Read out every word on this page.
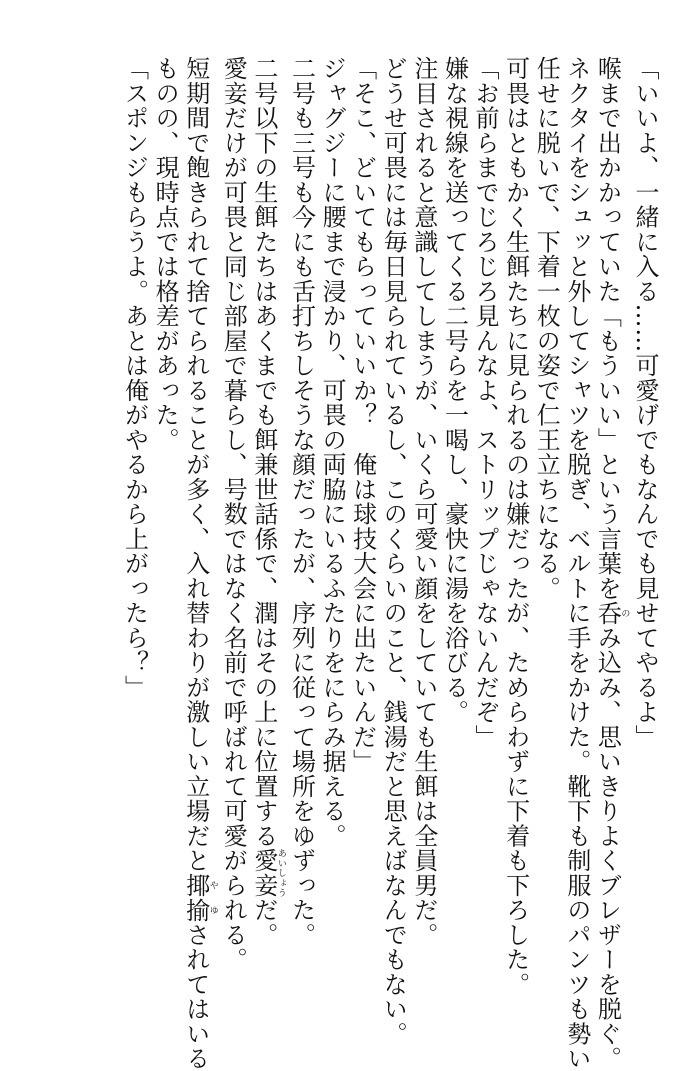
「いいよ、一緒に入る……可愛げでもなんでも見せてやるよ」
喉まで出かかっていた「もういい」という言葉を呑のみ込み、思いきりよくブレザーを脱ぐ。
ネクタイをシュッと外してシャツを脱ぎ、ベルトに手をかけた。靴下も制服のパンツも勢い
任せに脱いで、下着一枚の姿で仁王立ちになる。
可畏はともかく生餌たちに見られるのは嫌だったが、ためらわずに下着も下ろした。
「お前らまでじろじろ見んなよ、ストリップじゃないんだぞ」
嫌な視線を送ってくる二号らを一喝し、豪快に湯を浴びる。
注目されると意識してしまうが、いくら可愛い顔をしていても生餌は全員男だ。
どうせ可畏には毎日見られているし、このくらいのこと、銭湯だと思えばなんでもない。
「そこ、どいてもらっていいか？　俺は球技大会に出たいんだ」
ジャグジーに腰まで浸かり、可畏の両脇にいるふたりをにらみ据える。
二号も三号も今にも舌打ちしそうな顔だったが、序列に従って場所をゆずった。
二号以下の生餌たちはあくまでも餌兼世話係で、潤はその上に位置する愛妾あいしょうだ。
愛妾だけが可畏と同じ部屋で暮らし、号数ではなく名前で呼ばれて可愛がられる。
短期間で飽きられて捨てられることが多く、入れ替わりが激しい立場だと揶揄やゆされてはいる
ものの、現時点では格差があった。
「スポンジもらうよ。あとは俺がやるから上がったら？」
